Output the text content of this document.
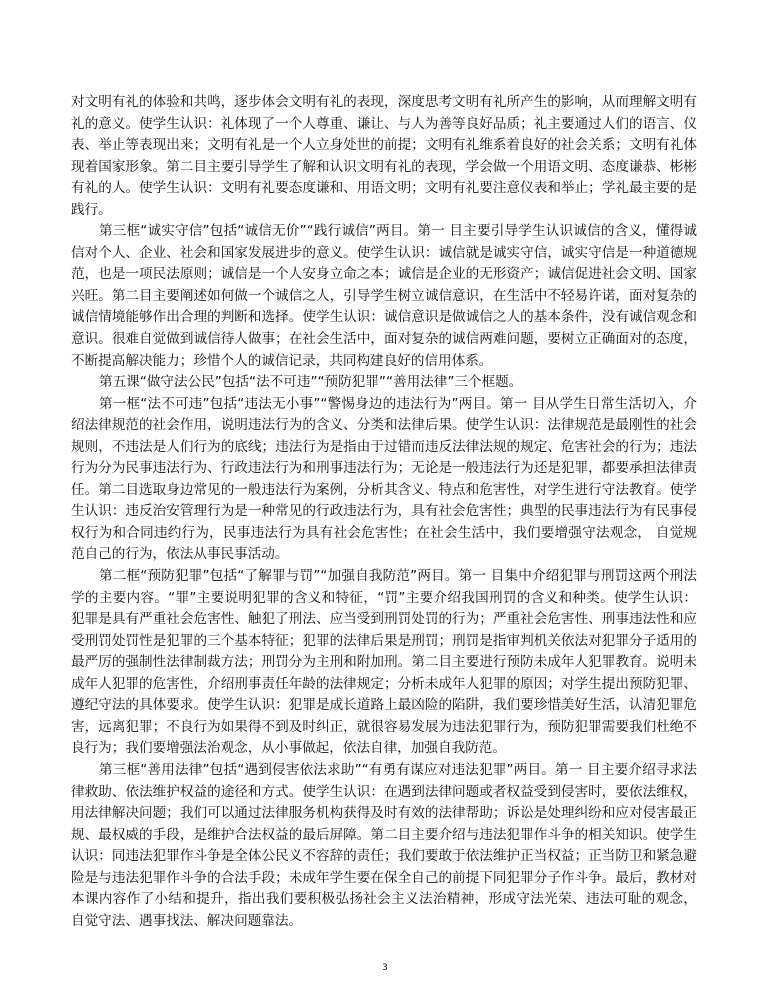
对文明有礼的体验和共鸣，逐步体会文明有礼的表现，深度思考文明有礼所产生的影响，从而理解文明有礼的意义。使学生认识：礼体现了一个人尊重、谦让、与人为善等良好品质；礼主要通过人们的语言、仪表、举止等表现出来；文明有礼是一个人立身处世的前提；文明有礼维系着良好的社会关系；文明有礼体现着国家形象。第二目主要引导学生了解和认识文明有礼的表现，学会做一个用语文明、态度谦恭、彬彬有礼的人。使学生认识：文明有礼要态度谦和、用语文明；文明有礼要注意仪表和举止；学礼最主要的是践行。

第三框“诚实守信”包括“诚信无价”“践行诚信”两目。第一 目主要引导学生认识诚信的含义，懂得诚信对个人、企业、社会和国家发展进步的意义。使学生认识：诚信就是诚实守信，诚实守信是一种道德规范，也是一项民法原则；诚信是一个人安身立命之本；诚信是企业的无形资产；诚信促进社会文明、国家兴旺。第二目主要阐述如何做一个诚信之人，引导学生树立诚信意识，在生活中不轻易许诺，面对复杂的诚信情境能够作出合理的判断和选择。使学生认识：诚信意识是做诚信之人的基本条件，没有诚信观念和意识。很难自觉做到诚信待人做事；在社会生活中，面对复杂的诚信两难问题，要树立正确面对的态度，不断提高解决能力；珍惜个人的诚信记录，共同构建良好的信用体系。

第五课“做守法公民”包括“法不可违”“预防犯罪”“善用法律”三个框题。

第一框“法不可违”包括“违法无小事”“警惕身边的违法行为”两目。第一 目从学生日常生活切入，介绍法律规范的社会作用，说明违法行为的含义、分类和法律后果。使学生认识：法律规范是最刚性的社会规则，不违法是人们行为的底线；违法行为是指由于过错而违反法律法规的规定、危害社会的行为；违法行为分为民事违法行为、行政违法行为和刑事违法行为；无论是一般违法行为还是犯罪，都要承担法律责任。第二目选取身边常见的一般违法行为案例，分析其含义、特点和危害性，对学生进行守法教育。使学生认识：违反治安管理行为是一种常见的行政违法行为，具有社会危害性；典型的民事违法行为有民事侵权行为和合同违约行为，民事违法行为具有社会危害性；在社会生活中，我们要增强守法观念， 自觉规范自己的行为，依法从事民事活动。

第二框“预防犯罪”包括“了解罪与罚”“加强自我防范”两目。第一 目集中介绍犯罪与刑罚这两个刑法学的主要内容。“罪”主要说明犯罪的含义和特征，“罚”主要介绍我国刑罚的含义和种类。使学生认识：犯罪是具有严重社会危害性、触犯了刑法、应当受到刑罚处罚的行为；严重社会危害性、刑事违法性和应受刑罚处罚性是犯罪的三个基本特征；犯罪的法律后果是刑罚；刑罚是指审判机关依法对犯罪分子适用的最严厉的强制性法律制裁方法；刑罚分为主刑和附加刑。第二目主要进行预防未成年人犯罪教育。说明未成年人犯罪的危害性，介绍刑事责任年龄的法律规定；分析未成年人犯罪的原因；对学生提出预防犯罪、遵纪守法的具体要求。使学生认识：犯罪是成长道路上最凶险的陷阱，我们要珍惜美好生活，认清犯罪危害，远离犯罪；不良行为如果得不到及时纠正，就很容易发展为违法犯罪行为，预防犯罪需要我们杜绝不良行为；我们要增强法治观念，从小事做起，依法自律，加强自我防范。

第三框“善用法律”包括“遇到侵害依法求助”“有勇有谋应对违法犯罪”两目。第一 目主要介绍寻求法律救助、依法维护权益的途径和方式。使学生认识：在遇到法律问题或者权益受到侵害时，要依法维权，用法律解决问题；我们可以通过法律服务机构获得及时有效的法律帮助；诉讼是处理纠纷和应对侵害最正规、最权威的手段，是维护合法权益的最后屏障。第二目主要介绍与违法犯罪作斗争的相关知识。使学生认识：同违法犯罪作斗争是全体公民义不容辞的责任；我们要敢于依法维护正当权益；正当防卫和紧急避险是与违法犯罪作斗争的合法手段；未成年学生要在保全自己的前提下同犯罪分子作斗争。最后，教材对本课内容作了小结和提升，指出我们要积极弘扬社会主义法治精神，形成守法光荣、违法可耻的观念， 自觉守法、遇事找法、解决问题靠法。

3
